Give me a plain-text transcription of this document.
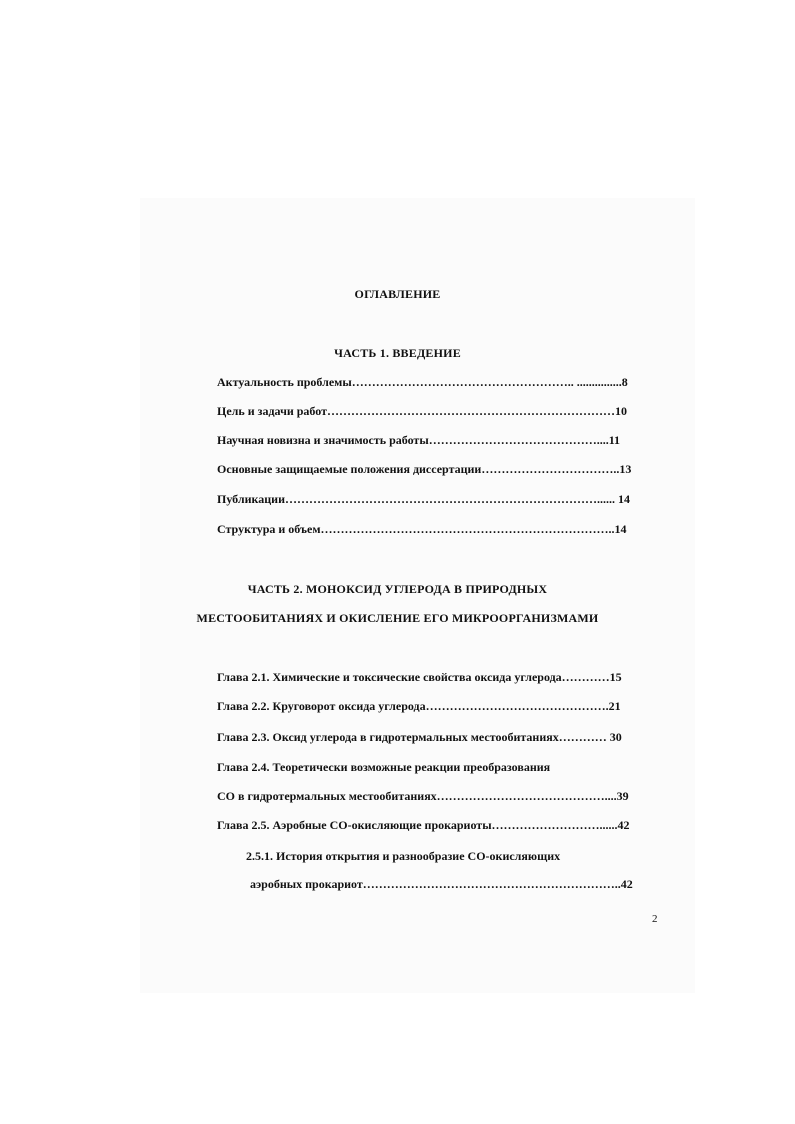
ОГЛАВЛЕНИЕ
ЧАСТЬ 1. ВВЕДЕНИЕ
Актуальность проблемы……………………………………………….. ...............8
Цель и задачи работ………………………………………………………………10
Научная новизна и значимость работы……………………………………....11
Основные защищаемые положения диссертации……………………………..13
Публикации……………………………………………………………………...... 14
Структура и объем………………………………………………………………..14
ЧАСТЬ 2. МОНОКСИД УГЛЕРОДА В ПРИРОДНЫХ
МЕСТООБИТАНИЯХ И ОКИСЛЕНИЕ ЕГО МИКРООРГАНИЗМАМИ
Глава 2.1. Химические и токсические свойства оксида углерода…………15
Глава 2.2. Круговорот оксида углерода……………………………………….21
Глава 2.3. Оксид углерода в гидротермальных местообитаниях………… 30
Глава 2.4. Теоретически возможные реакции преобразования
СО в гидротермальных местообитаниях……………………………………....39
Глава 2.5. Аэробные СО-окисляющие прокариоты………………………......42
2.5.1. История открытия и разнообразие СО-окисляющих
аэробных прокариот………………………………………………………..42
2
